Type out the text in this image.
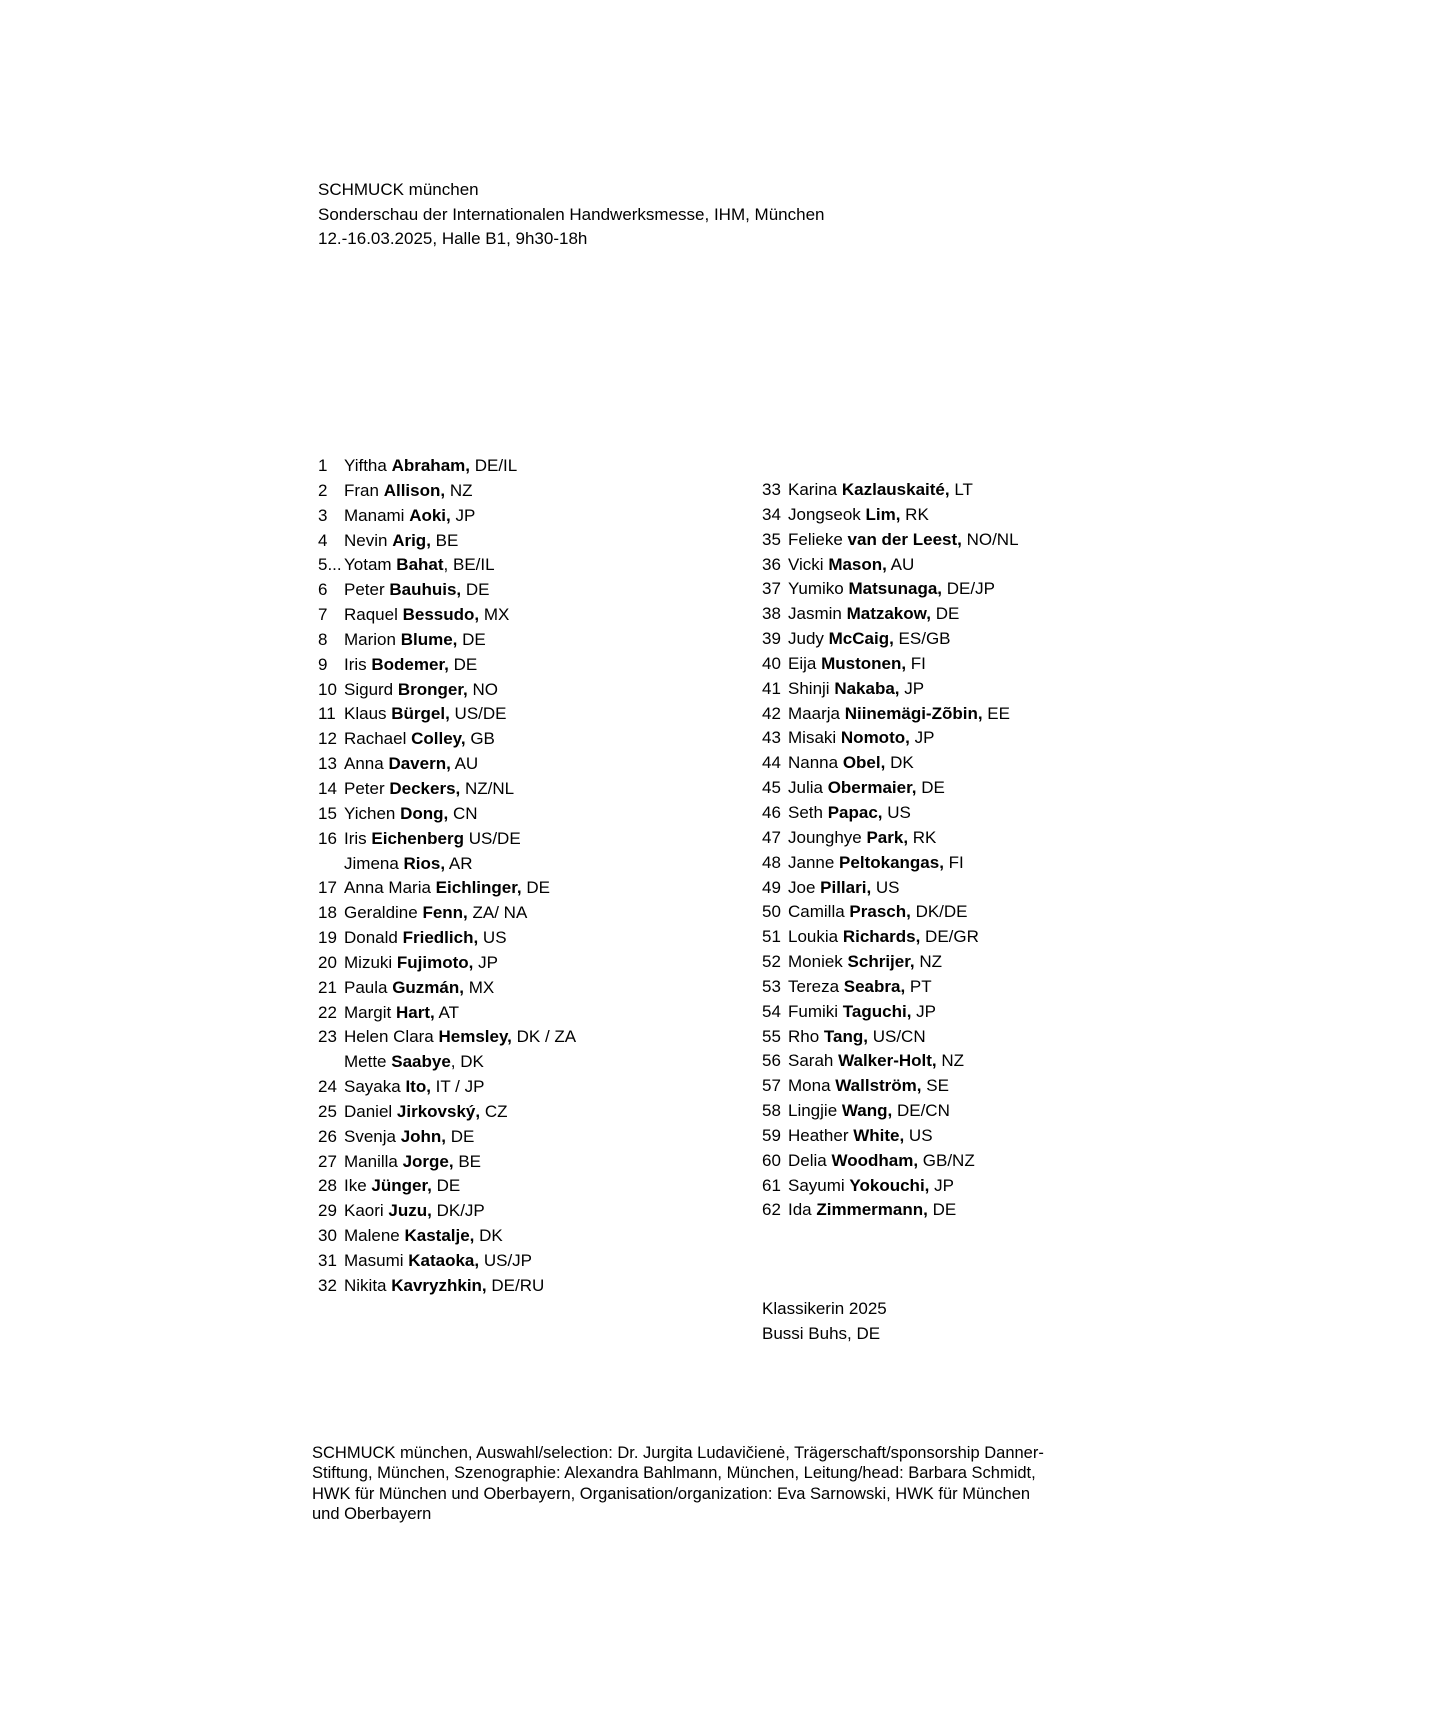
SCHMUCK münchen
Sonderschau der Internationalen Handwerksmesse, IHM, München
12.-16.03.2025, Halle B1, 9h30-18h
1 Yiftha Abraham, DE/IL
2 Fran Allison, NZ
3 Manami Aoki, JP
4 Nevin Arig, BE
5... Yotam Bahat, BE/IL
6 Peter Bauhuis, DE
7 Raquel Bessudo, MX
8 Marion Blume, DE
9 Iris Bodemer, DE
10 Sigurd Bronger, NO
11 Klaus Bürgel, US/DE
12 Rachael Colley, GB
13 Anna Davern, AU
14 Peter Deckers, NZ/NL
15 Yichen Dong, CN
16 Iris Eichenberg US/DE
Jimena Rios, AR
17 Anna Maria Eichlinger, DE
18 Geraldine Fenn, ZA/ NA
19 Donald Friedlich, US
20 Mizuki Fujimoto, JP
21 Paula Guzmán, MX
22 Margit Hart, AT
23 Helen Clara Hemsley, DK / ZA
Mette Saabye, DK
24 Sayaka Ito, IT / JP
25 Daniel Jirkovský, CZ
26 Svenja John, DE
27 Manilla Jorge, BE
28 Ike Jünger, DE
29 Kaori Juzu, DK/JP
30 Malene Kastalje, DK
31 Masumi Kataoka, US/JP
32 Nikita Kavryzhkin, DE/RU
33 Karina Kazlauskaité, LT
34 Jongseok Lim, RK
35 Felieke van der Leest, NO/NL
36 Vicki Mason, AU
37 Yumiko Matsunaga, DE/JP
38 Jasmin Matzakow, DE
39 Judy McCaig, ES/GB
40 Eija Mustonen, FI
41 Shinji Nakaba, JP
42 Maarja Niinemägi-Zõbin, EE
43 Misaki Nomoto, JP
44 Nanna Obel, DK
45 Julia Obermaier, DE
46 Seth Papac, US
47 Jounghye Park, RK
48 Janne Peltokangas, FI
49 Joe Pillari, US
50 Camilla Prasch, DK/DE
51 Loukia Richards, DE/GR
52 Moniek Schrijer, NZ
53 Tereza Seabra, PT
54 Fumiki Taguchi, JP
55 Rho Tang, US/CN
56 Sarah Walker-Holt, NZ
57 Mona Wallström, SE
58 Lingjie Wang, DE/CN
59 Heather White, US
60 Delia Woodham, GB/NZ
61 Sayumi Yokouchi, JP
62 Ida Zimmermann, DE
Klassikerin 2025
Bussi Buhs, DE
SCHMUCK münchen, Auswahl/selection: Dr. Jurgita Ludavičienė, Trägerschaft/sponsorship Danner-
Stiftung, München, Szenographie: Alexandra Bahlmann, München, Leitung/head: Barbara Schmidt,
HWK für München und Oberbayern, Organisation/organization: Eva Sarnowski, HWK für München
und Oberbayern
